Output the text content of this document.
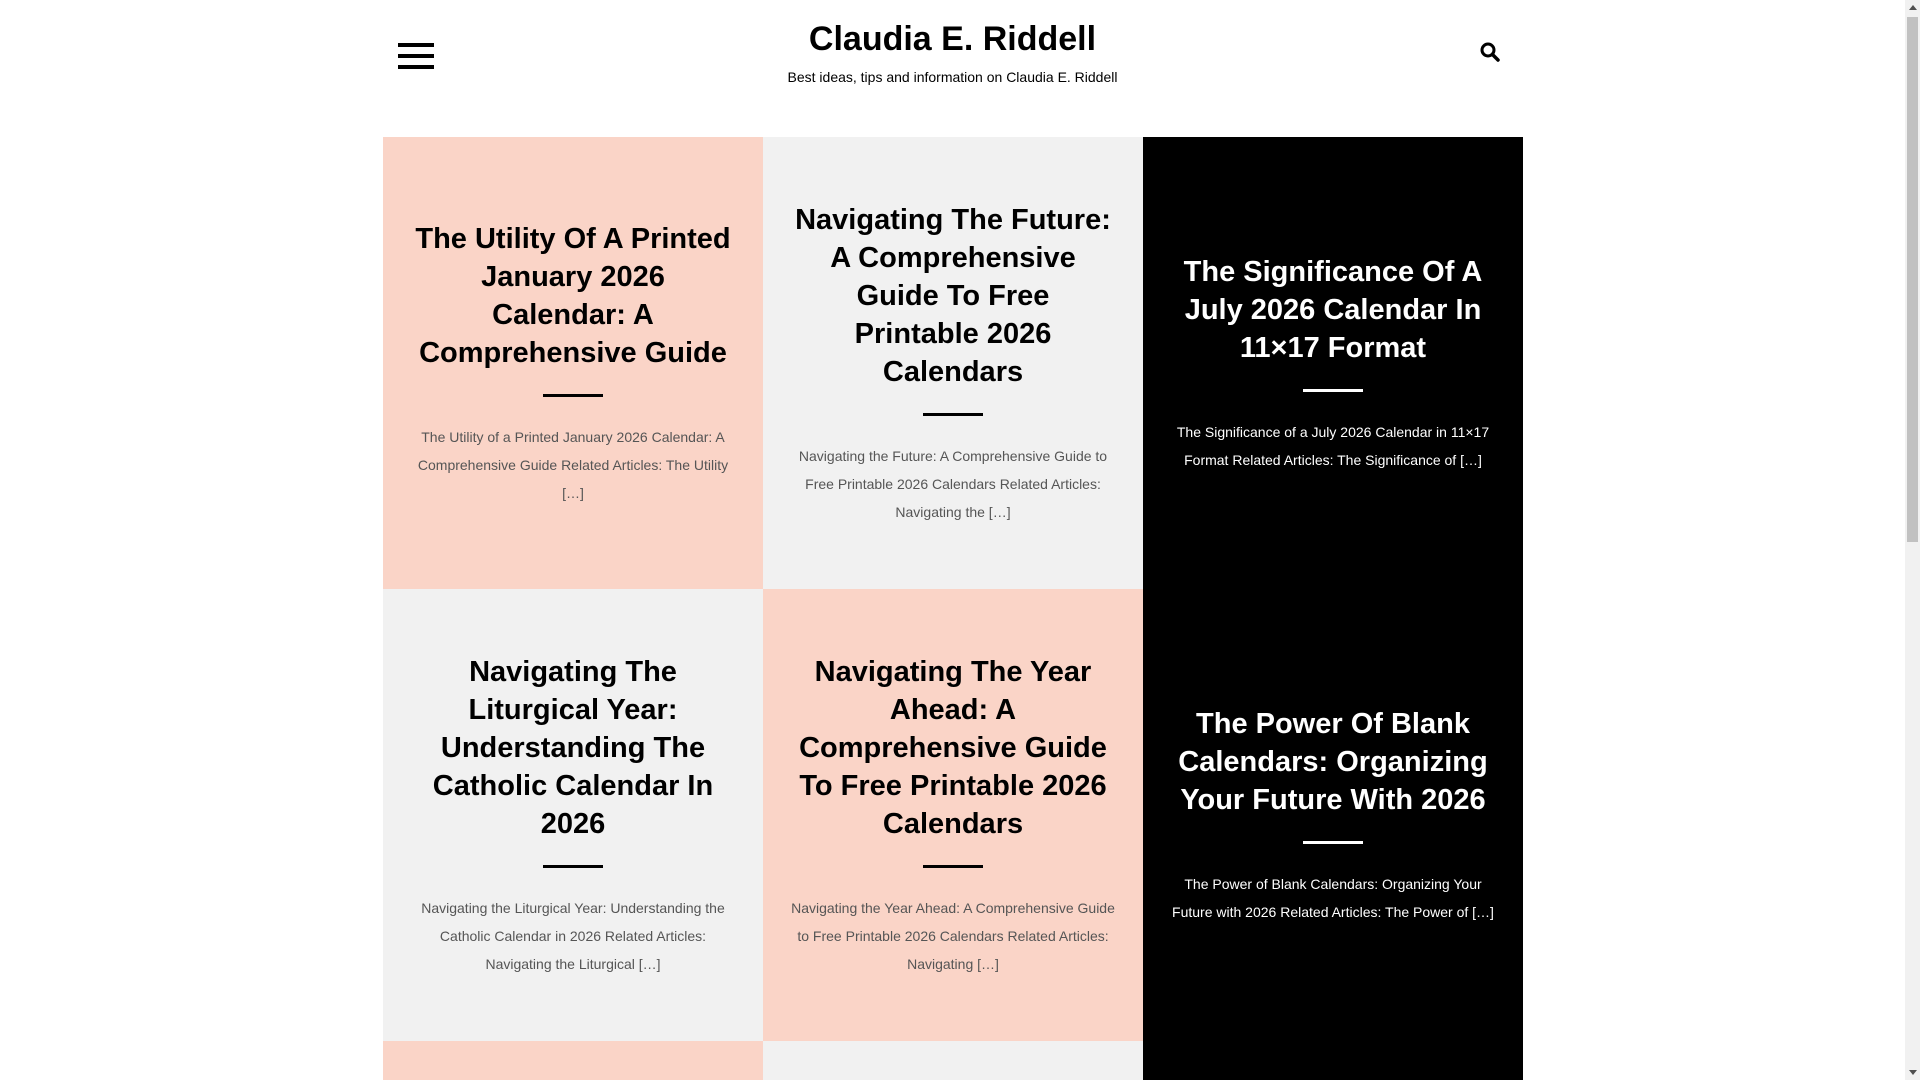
Claudia E. Riddell
Best ideas, tips and information on Claudia E. Riddell
The Utility Of A Printed January 2026 Calendar: A Comprehensive Guide

The Utility of a Printed January 2026 Calendar: A Comprehensive Guide Related Articles: The Utility […]

Navigating The Future: A Comprehensive Guide To Free Printable 2026 Calendars

Navigating the Future: A Comprehensive Guide to Free Printable 2026 Calendars Related Articles: Navigating the […]

The Significance Of A July 2026 Calendar In 11×17 Format

The Significance of a July 2026 Calendar in 11×17 Format Related Articles: The Significance of […]

Navigating The Liturgical Year: Understanding The Catholic Calendar In 2026

Navigating the Liturgical Year: Understanding the Catholic Calendar in 2026 Related Articles: Navigating the Liturgical […]

Navigating The Year Ahead: A Comprehensive Guide To Free Printable 2026 Calendars

Navigating the Year Ahead: A Comprehensive Guide to Free Printable 2026 Calendars Related Articles: Navigating […]

The Power Of Blank Calendars: Organizing Your Future With 2026

The Power of Blank Calendars: Organizing Your Future with 2026 Related Articles: The Power of […]
